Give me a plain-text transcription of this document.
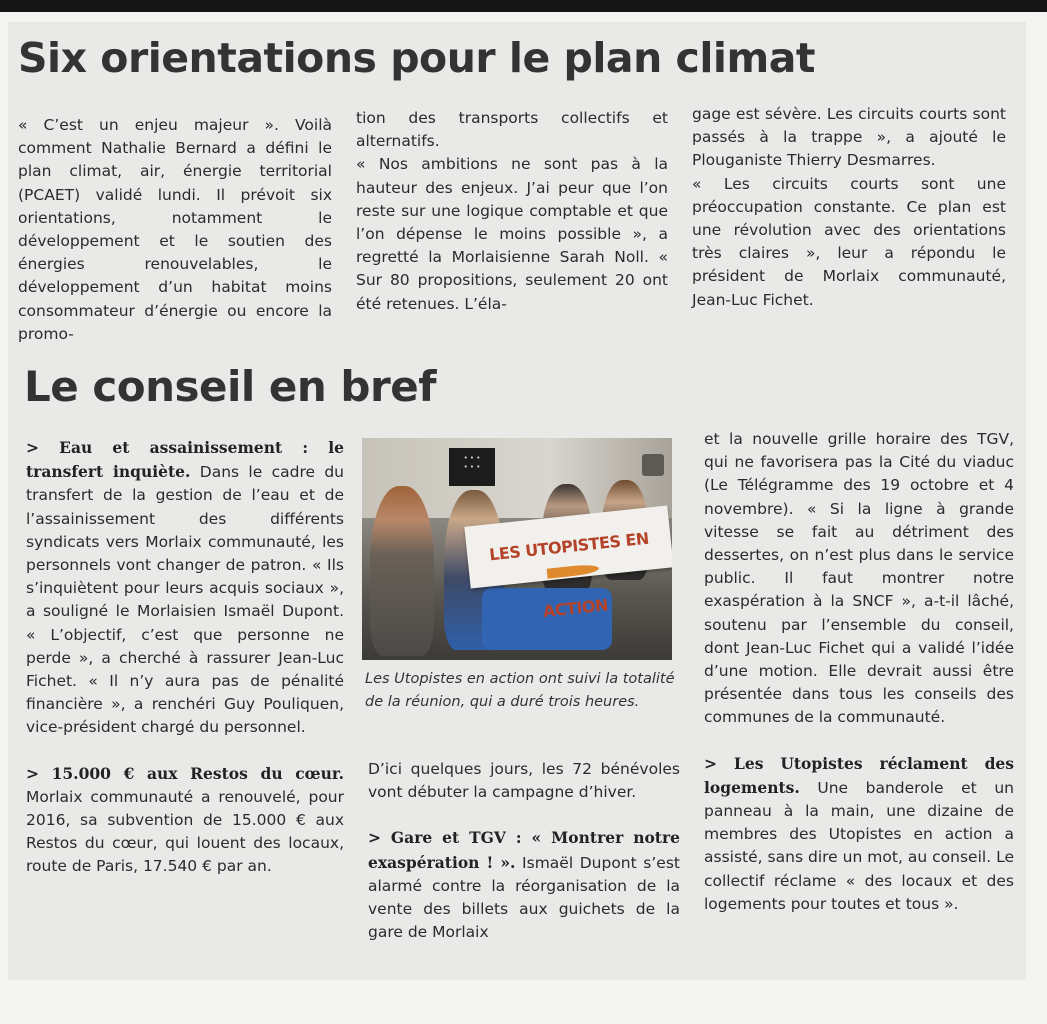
Six orientations pour le plan climat

« C’est un enjeu majeur ». Voilà comment Nathalie Bernard a défini le plan climat, air, énergie territorial (PCAET) validé lundi. Il prévoit six orientations, notamment le développement et le soutien des énergies renouvelables, le développement d’un habitat moins consommateur d’énergie ou encore la promo-

tion des transports collectifs et alternatifs.

« Nos ambitions ne sont pas à la hauteur des enjeux. J’ai peur que l’on reste sur une logique comptable et que l’on dépense le moins possible », a regretté la Morlaisienne Sarah Noll. « Sur 80 propositions, seulement 20 ont été retenues. L’éla-

gage est sévère. Les circuits courts sont passés à la trappe », a ajouté le Plouganiste Thierry Desmarres.

« Les circuits courts sont une préoccupation constante. Ce plan est une révolution avec des orientations très claires », leur a répondu le président de Morlaix communauté, Jean-Luc Fichet.

Le conseil en bref

> Eau et assainissement : le transfert inquiète. Dans le cadre du transfert de la gestion de l’eau et de l’assainissement des différents syndicats vers Morlaix communauté, les personnels vont changer de patron. « Ils s’inquiètent pour leurs acquis sociaux », a souligné le Morlaisien Ismaël Dupont. « L’objectif, c’est que personne ne perde », a cherché à rassurer Jean-Luc Fichet. « Il n’y aura pas de pénalité financière », a renchéri Guy Pouliquen, vice-président chargé du personnel.

> 15.000 € aux Restos du cœur. Morlaix communauté a renouvelé, pour 2016, sa subvention de 15.000 € aux Restos du cœur, qui louent des locaux, route de Paris, 17.540 € par an.

• • •
• • •
LES UTOPISTES EN ACTION

Les Utopistes en action ont suivi la totalité de la réunion, qui a duré trois heures.

D’ici quelques jours, les 72 bénévoles vont débuter la campagne d’hiver.

> Gare et TGV : « Montrer notre exaspération ! ». Ismaël Dupont s’est alarmé contre la réorganisation de la vente des billets aux guichets de la gare de Morlaix

et la nouvelle grille horaire des TGV, qui ne favorisera pas la Cité du viaduc (Le Télégramme des 19 octobre et 4 novembre). « Si la ligne à grande vitesse se fait au détriment des dessertes, on n’est plus dans le service public. Il faut montrer notre exaspération à la SNCF », a-t-il lâché, soutenu par l’ensemble du conseil, dont Jean-Luc Fichet qui a validé l’idée d’une motion. Elle devrait aussi être présentée dans tous les conseils des communes de la communauté.

> Les Utopistes réclament des logements. Une banderole et un panneau à la main, une dizaine de membres des Utopistes en action a assisté, sans dire un mot, au conseil. Le collectif réclame « des locaux et des logements pour toutes et tous ».
